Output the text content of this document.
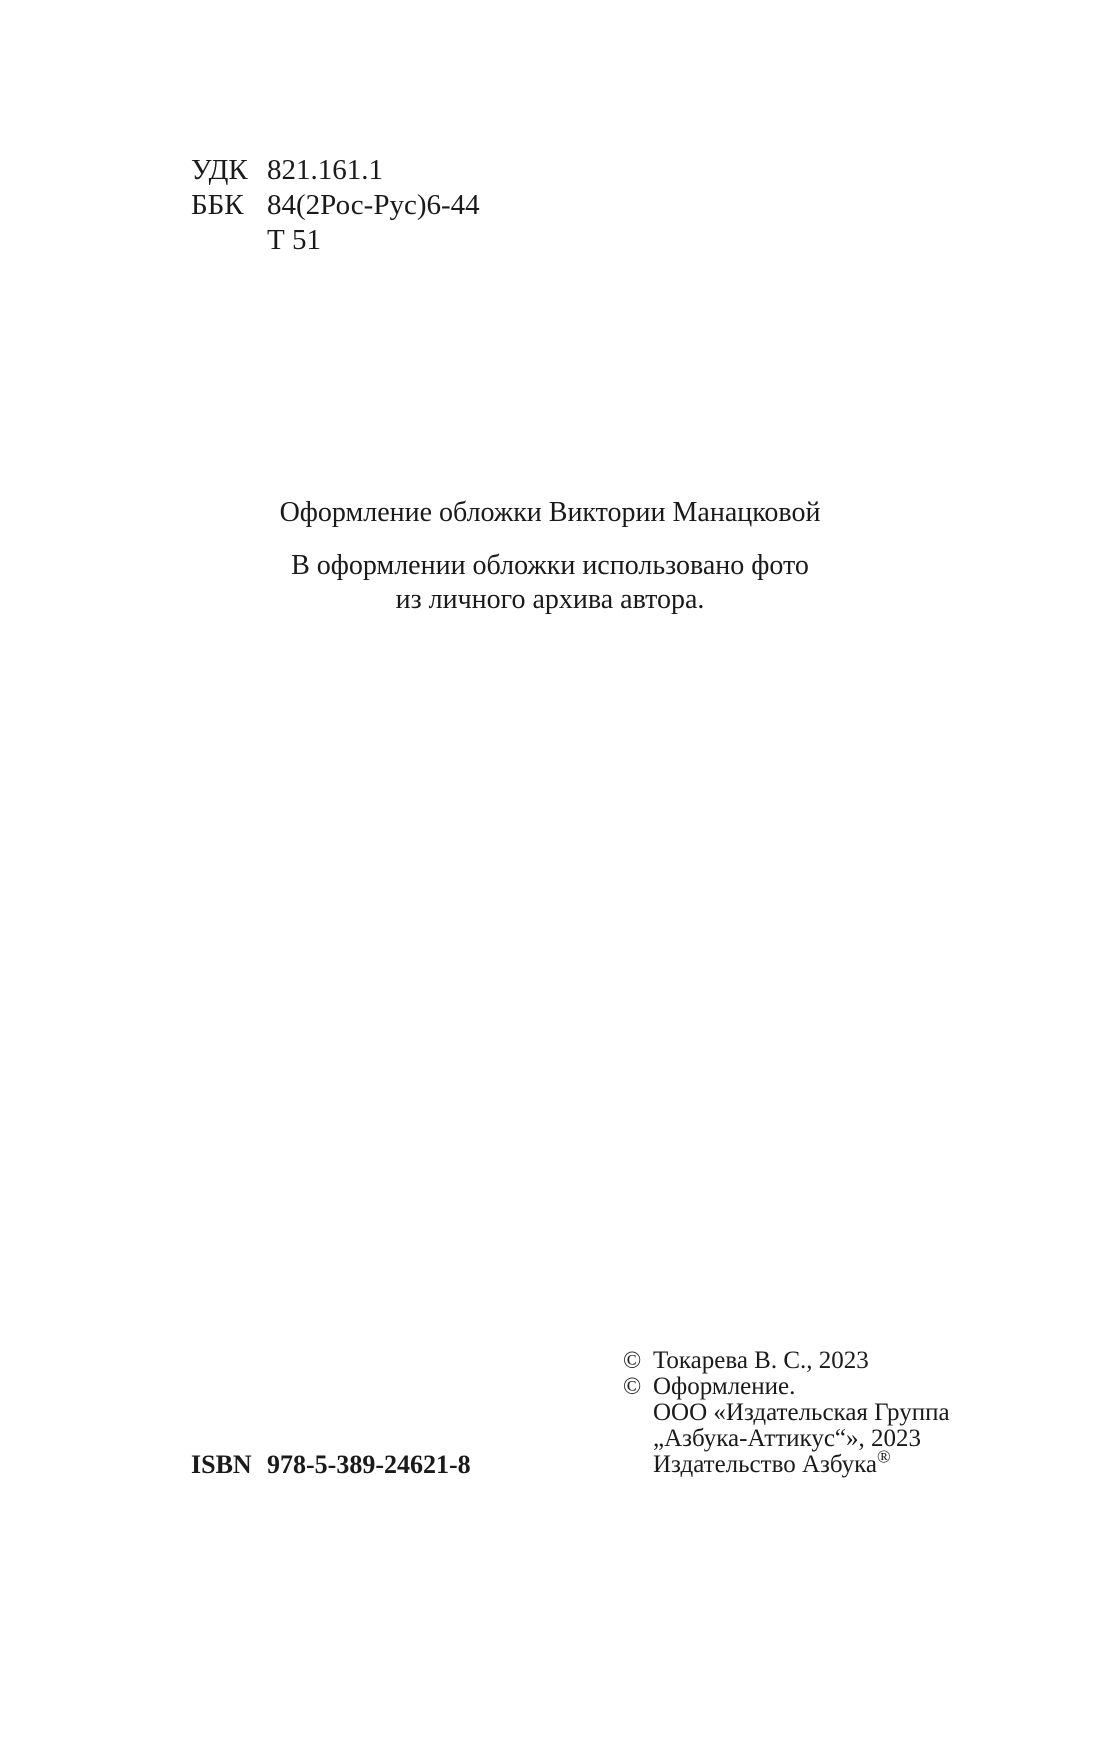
УДК 821.161.1
ББК 84(2Рос-Рус)6-44
Т 51
Оформление обложки Виктории Манацковой
В оформлении обложки использовано фото
из личного архива автора.
ISBN 978-5-389-24621-8
© Токарева В. С., 2023
© Оформление.
ООО «Издательская Группа
„Азбука-Аттикус“», 2023
Издательство Азбука®
